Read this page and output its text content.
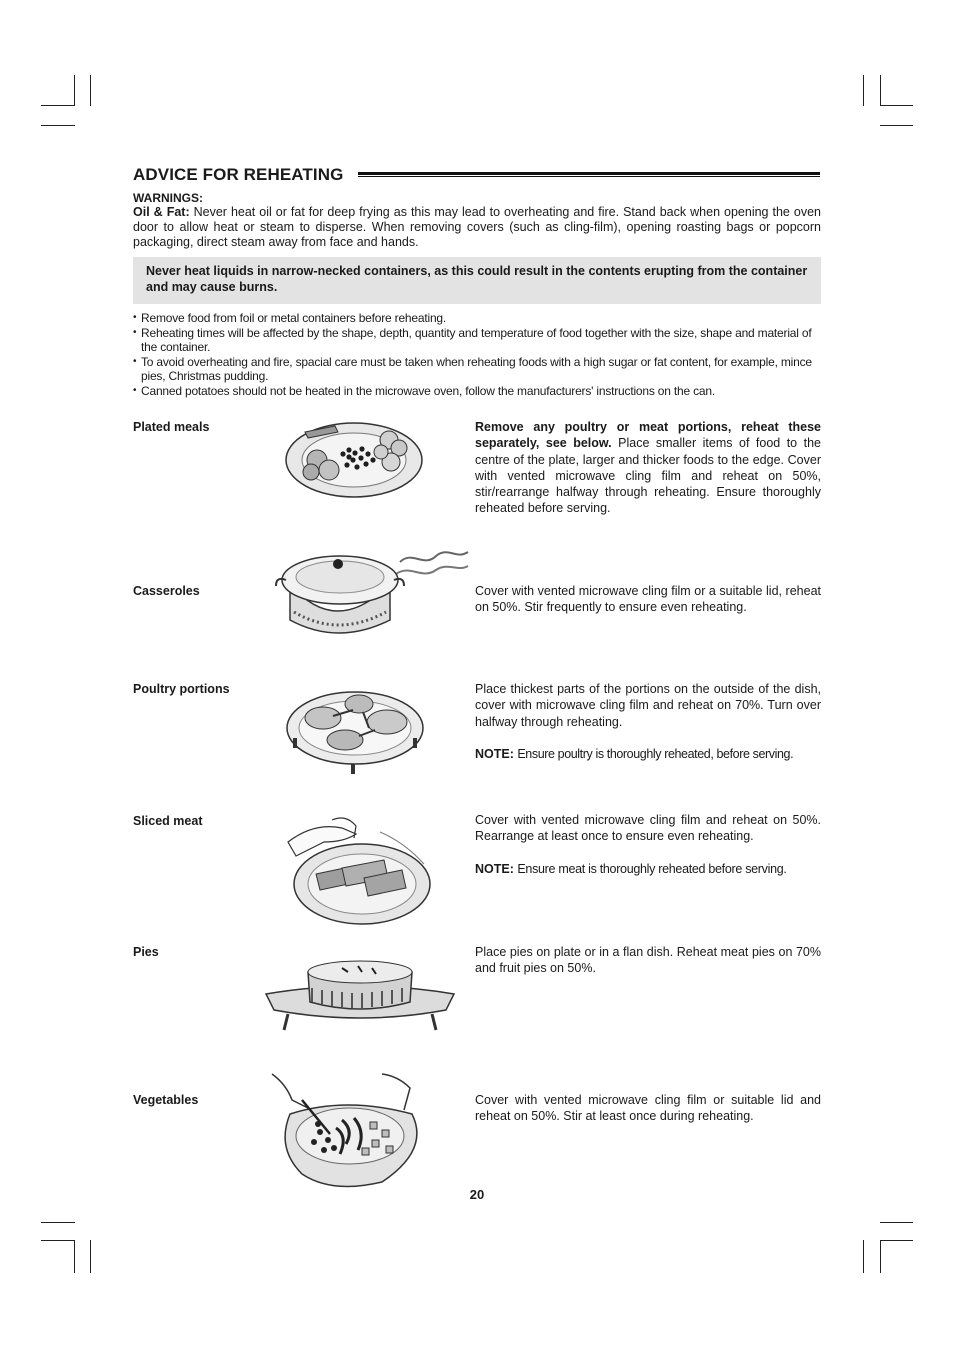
ADVICE FOR REHEATING
WARNINGS:
Oil & Fat: Never heat oil or fat for deep frying as this may lead to overheating and fire. Stand back when opening the oven door to allow heat or steam to disperse. When removing covers (such as cling-film), opening roasting bags or popcorn packaging, direct steam away from face and hands.
Never heat liquids in narrow-necked containers, as this could result in the contents erupting from the container and may cause burns.
• Remove food from foil or metal containers before reheating.
• Reheating times will be affected by the shape, depth, quantity and temperature of food together with the size, shape and material of the container.
• To avoid overheating and fire, spacial care must be taken when reheating foods with a high sugar or fat content, for example, mince pies, Christmas pudding.
• Canned potatoes should not be heated in the microwave oven, follow the manufacturers' instructions on the can.
Plated meals	Remove any poultry or meat portions, reheat these separately, see below. Place smaller items of food to the centre of the plate, larger and thicker foods to the edge. Cover with vented microwave cling film and reheat on 50%, stir/rearrange halfway through reheating. Ensure thoroughly reheated before serving.
Casseroles	Cover with vented microwave cling film or a suitable lid, reheat on 50%. Stir frequently to ensure even reheating.
Poultry portions	Place thickest parts of the portions on the outside of the dish, cover with microwave cling film and reheat on 70%. Turn over halfway through reheating.

NOTE: Ensure poultry is thoroughly reheated, before serving.
Sliced meat	Cover with vented microwave cling film and reheat on 50%. Rearrange at least once to ensure even reheating.

NOTE: Ensure meat is thoroughly reheated before serving.
Pies	Place pies on plate or in a flan dish. Reheat meat pies on 70% and fruit pies on 50%.
Vegetables	Cover with vented microwave cling film or suitable lid and reheat on 50%. Stir at least once during reheating.
20
